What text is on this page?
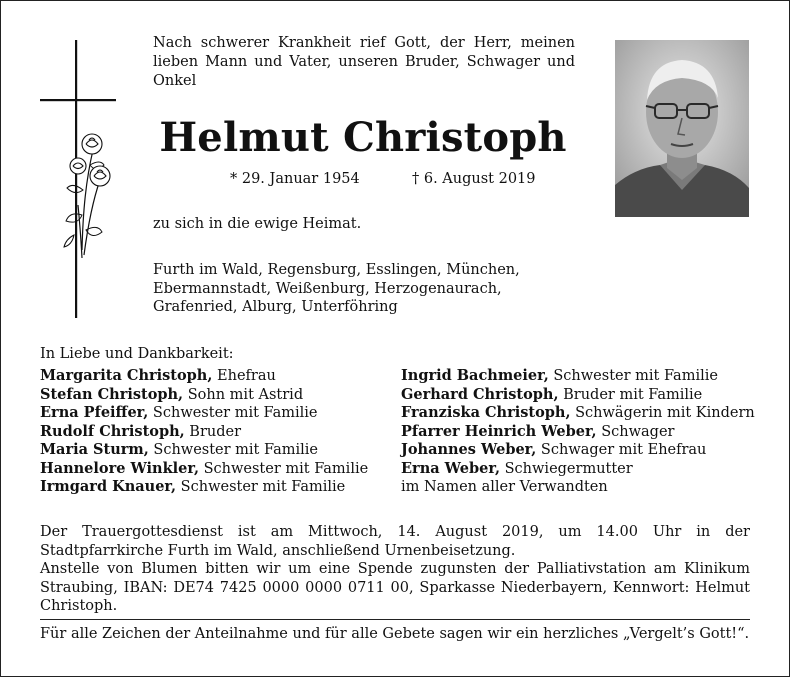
Nach schwerer Krankheit rief Gott, der Herr, meinen lieben Mann und Vater, unseren Bruder, Schwager und Onkel
Helmut Christoph
* 29. Januar 1954	† 6. August 2019
zu sich in die ewige Heimat.
Furth im Wald, Regensburg, Esslingen, München,
Ebermannstadt, Weißenburg, Herzogenaurach,
Grafenried, Alburg, Unterföhring
In Liebe und Dankbarkeit:
Margarita Christoph, Ehefrau
Stefan Christoph, Sohn mit Astrid
Erna Pfeiffer, Schwester mit Familie
Rudolf Christoph, Bruder
Maria Sturm, Schwester mit Familie
Hannelore Winkler, Schwester mit Familie
Irmgard Knauer, Schwester mit Familie
Ingrid Bachmeier, Schwester mit Familie
Gerhard Christoph, Bruder mit Familie
Franziska Christoph, Schwägerin mit Kindern
Pfarrer Heinrich Weber, Schwager
Johannes Weber, Schwager mit Ehefrau
Erna Weber, Schwiegermutter
im Namen aller Verwandten

Der Trauergottesdienst ist am Mittwoch, 14. August 2019, um 14.00 Uhr in der Stadtpfarrkirche Furth im Wald, anschließend Urnenbeisetzung.

Anstelle von Blumen bitten wir um eine Spende zugunsten der Palliativstation am Klinikum Straubing, IBAN: DE74 7425 0000 0000 0711 00, Sparkasse Niederbayern, Kennwort: Helmut Christoph.

Für alle Zeichen der Anteilnahme und für alle Gebete sagen wir ein herzliches „Vergelt’s Gott!“.
